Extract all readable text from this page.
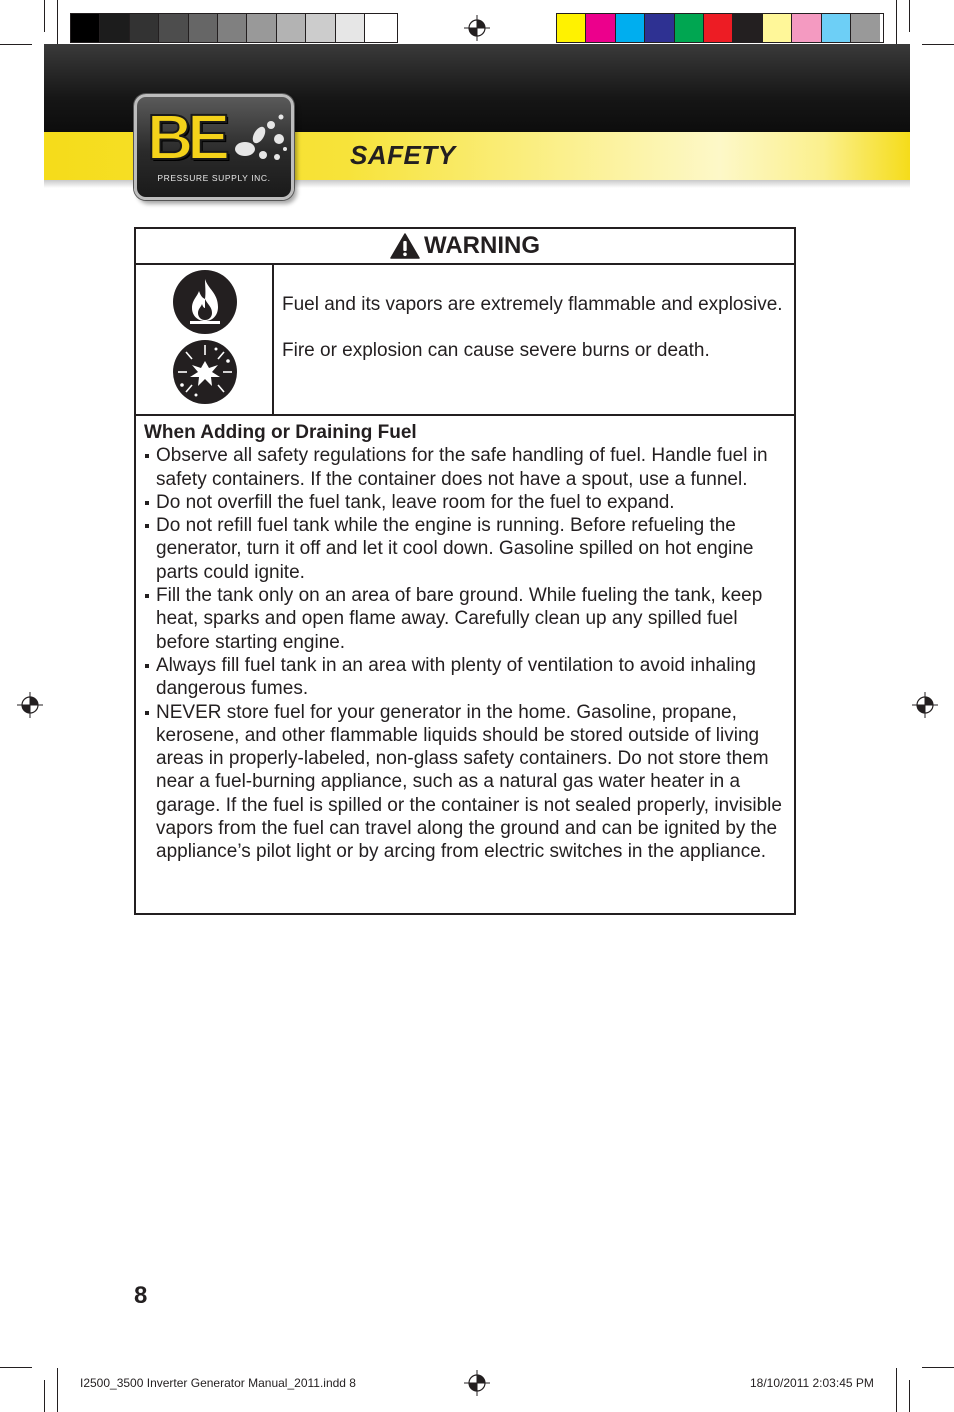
SAFETY
BE
PRESSURE SUPPLY INC.
WARNING

Fuel and its vapors are extremely flammable and explosive.

Fire or explosion can cause severe burns or death.

When Adding or Draining Fuel

Observe all safety regulations for the safe handling of fuel. Handle fuel in safety containers. If the container does not have a spout, use a funnel.
Do not overfill the fuel tank, leave room for the fuel to expand.
Do not refill fuel tank while the engine is running. Before refueling the generator, turn it off and let it cool down. Gasoline spilled on hot engine parts could ignite.
Fill the tank only on an area of bare ground. While fueling the tank, keep heat, sparks and open flame away. Carefully clean up any spilled fuel before starting engine.
Always fill fuel tank in an area with plenty of ventilation to avoid inhaling dangerous fumes.
NEVER store fuel for your generator in the home. Gasoline, propane, kerosene, and other flammable liquids should be stored outside of living areas in properly-labeled, non-glass safety containers. Do not store them near a fuel-burning appliance, such as a natural gas water heater in a garage. If the fuel is spilled or the container is not sealed properly, invisible vapors from the fuel can travel along the ground and can be ignited by the appliance’s pilot light or by arcing from electric switches in the appliance.
8
I2500_3500 Inverter Generator Manual_2011.indd 8	18/10/2011 2:03:45 PM
